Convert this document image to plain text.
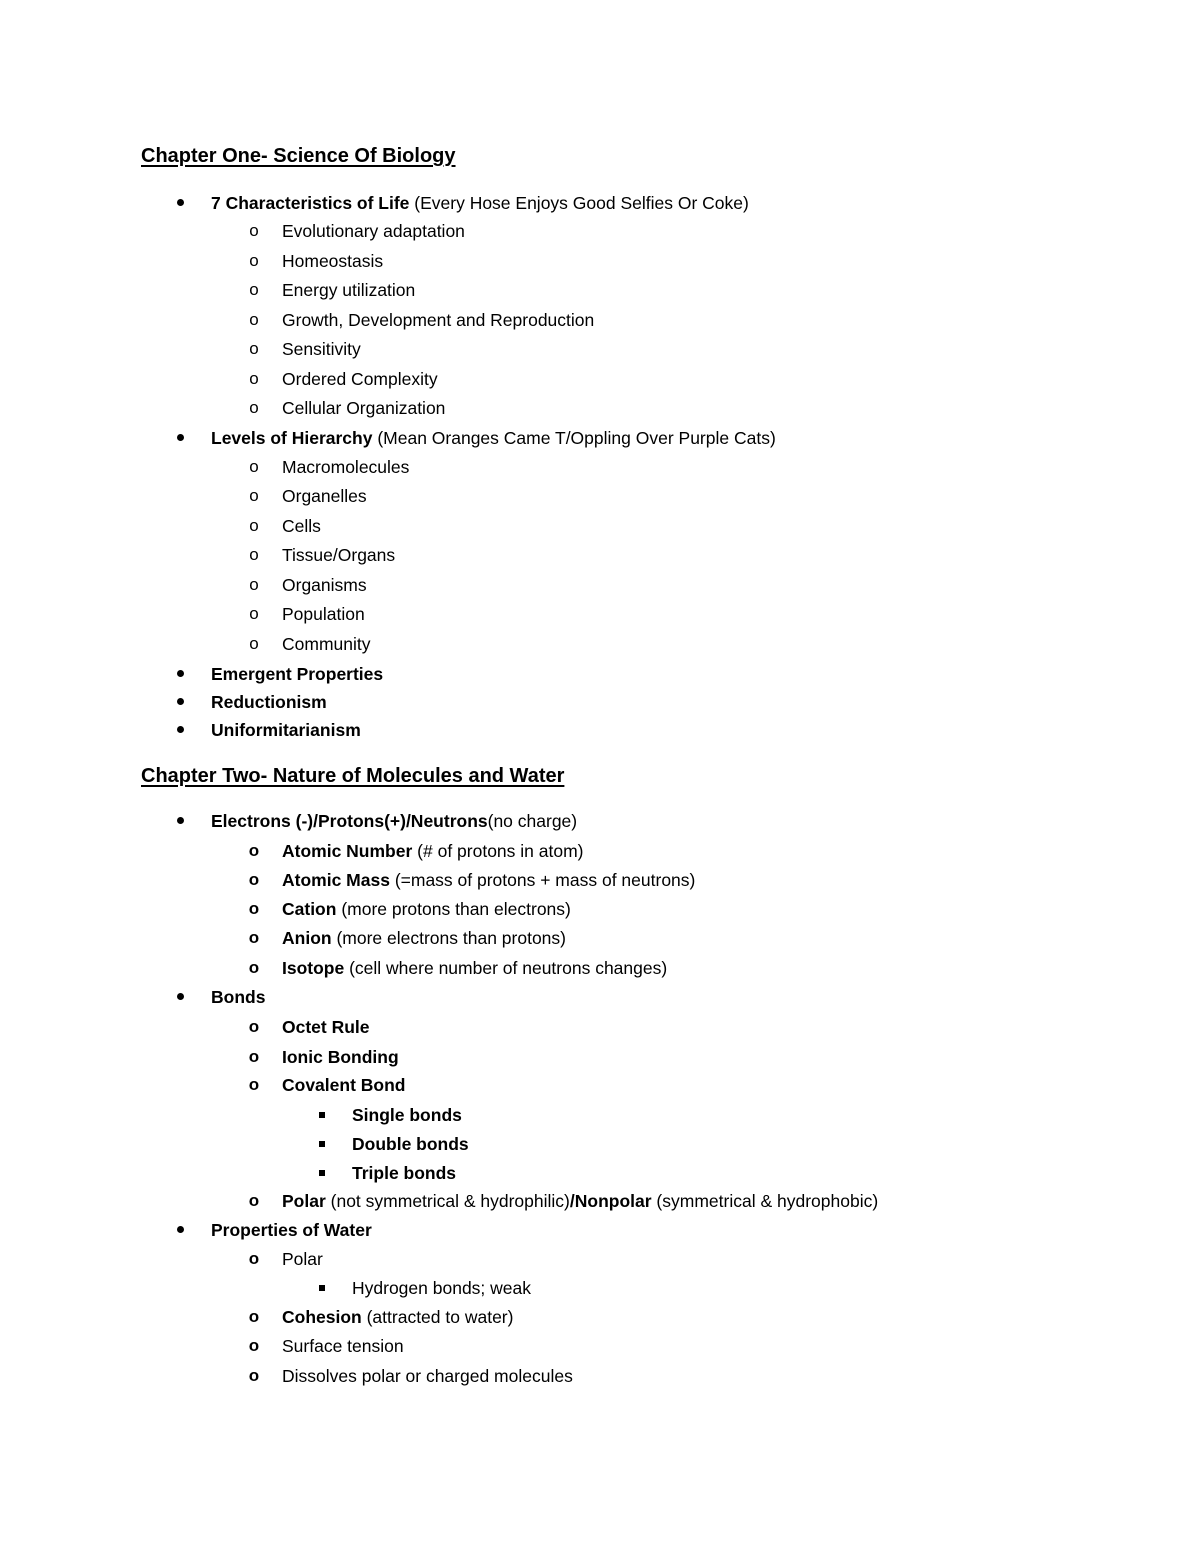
Chapter One- Science Of Biology
7 Characteristics of Life (Every Hose Enjoys Good Selfies Or Coke)
o Evolutionary adaptation
o Homeostasis
o Energy utilization
o Growth, Development and Reproduction
o Sensitivity
o Ordered Complexity
o Cellular Organization
Levels of Hierarchy (Mean Oranges Came T/Oppling Over Purple Cats)
o Macromolecules
o Organelles
o Cells
o Tissue/Organs
o Organisms
o Population
o Community
Emergent Properties
Reductionism
Uniformitarianism
Chapter Two- Nature of Molecules and Water
Electrons (-)/Protons(+)/Neutrons(no charge)
o Atomic Number (# of protons in atom)
o Atomic Mass (=mass of protons + mass of neutrons)
o Cation (more protons than electrons)
o Anion (more electrons than protons)
o Isotope (cell where number of neutrons changes)
Bonds
o Octet Rule
o Ionic Bonding
o Covalent Bond
Single bonds
Double bonds
Triple bonds
o Polar (not symmetrical & hydrophilic)/Nonpolar (symmetrical & hydrophobic)
Properties of Water
o Polar
Hydrogen bonds; weak
o Cohesion (attracted to water)
o Surface tension
o Dissolves polar or charged molecules
